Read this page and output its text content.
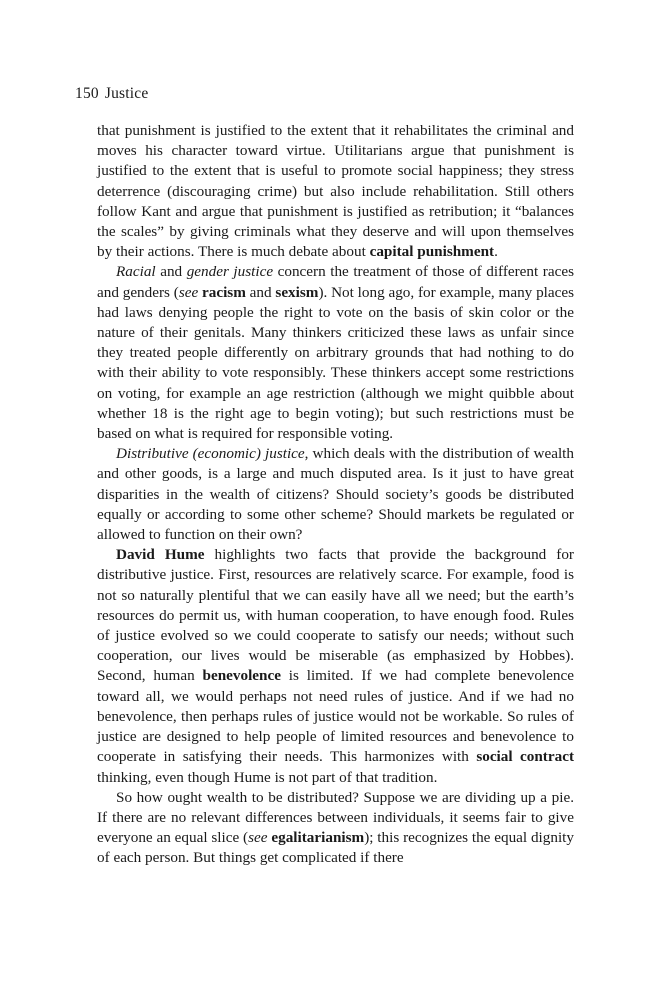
150 Justice

that punishment is justified to the extent that it rehabilitates the criminal and moves his character toward virtue. Utilitarians argue that punishment is justified to the extent that is useful to promote social happiness; they stress deterrence (discouraging crime) but also include rehabilitation. Still others follow Kant and argue that punishment is justified as retribution; it “balances the scales” by giving criminals what they deserve and will upon themselves by their actions. There is much debate about capital punishment.

Racial and gender justice concern the treatment of those of different races and genders (see racism and sexism). Not long ago, for example, many places had laws denying people the right to vote on the basis of skin color or the nature of their genitals. Many thinkers criticized these laws as unfair since they treated people differently on arbitrary grounds that had nothing to do with their ability to vote responsibly. These thinkers accept some restrictions on voting, for example an age restriction (although we might quibble about whether 18 is the right age to begin voting); but such restrictions must be based on what is required for responsible voting.

Distributive (economic) justice, which deals with the distribution of wealth and other goods, is a large and much disputed area. Is it just to have great disparities in the wealth of citizens? Should society’s goods be distributed equally or according to some other scheme? Should markets be regulated or allowed to function on their own?

David Hume highlights two facts that provide the background for distributive justice. First, resources are relatively scarce. For example, food is not so naturally plentiful that we can easily have all we need; but the earth’s resources do permit us, with human cooperation, to have enough food. Rules of justice evolved so we could cooperate to satisfy our needs; without such cooperation, our lives would be miserable (as emphasized by Hobbes). Second, human benevolence is limited. If we had complete benevolence toward all, we would perhaps not need rules of justice. And if we had no benevolence, then perhaps rules of justice would not be workable. So rules of justice are designed to help people of limited resources and benevolence to cooperate in satisfying their needs. This harmonizes with social contract thinking, even though Hume is not part of that tradition.

So how ought wealth to be distributed? Suppose we are dividing up a pie. If there are no relevant differences between individuals, it seems fair to give everyone an equal slice (see egalitarianism); this recognizes the equal dignity of each person. But things get complicated if there
